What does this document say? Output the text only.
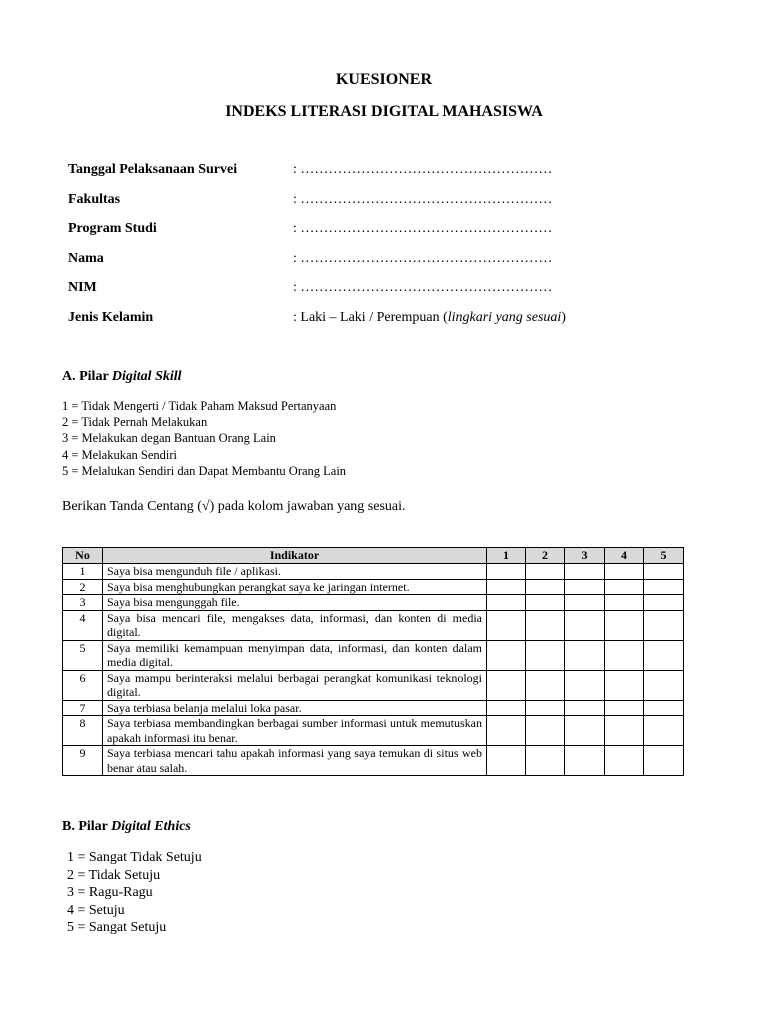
KUESIONER
INDEKS LITERASI DIGITAL MAHASISWA
Tanggal Pelaksanaan Survei	: ………………………………………………
Fakultas	: ………………………………………………
Program Studi	: ………………………………………………
Nama	: ………………………………………………
NIM	: ………………………………………………
Jenis Kelamin	: Laki – Laki / Perempuan (lingkari yang sesuai)
A. Pilar Digital Skill
1 = Tidak Mengerti / Tidak Paham Maksud Pertanyaan
2 = Tidak Pernah Melakukan
3 = Melakukan degan Bantuan Orang Lain
4 = Melakukan Sendiri
5 = Melalukan Sendiri dan Dapat Membantu Orang Lain
Berikan Tanda Centang (√) pada kolom jawaban yang sesuai.
No	Indikator	1	2	3	4	5
1	Saya bisa mengunduh file / aplikasi.					
2	Saya bisa menghubungkan perangkat saya ke jaringan internet.					
3	Saya bisa mengunggah file.					
4	Saya bisa mencari file, mengakses data, informasi, dan konten di media digital.					
5	Saya memiliki kemampuan menyimpan data, informasi, dan konten dalam media digital.					
6	Saya mampu berinteraksi melalui berbagai perangkat komunikasi teknologi digital.					
7	Saya terbiasa belanja melalui loka pasar.					
8	Saya terbiasa membandingkan berbagai sumber informasi untuk memutuskan apakah informasi itu benar.					
9	Saya terbiasa mencari tahu apakah informasi yang saya temukan di situs web benar atau salah.					
B. Pilar Digital Ethics
1 = Sangat Tidak Setuju
2 = Tidak Setuju
3 = Ragu-Ragu
4 = Setuju
5 = Sangat Setuju
